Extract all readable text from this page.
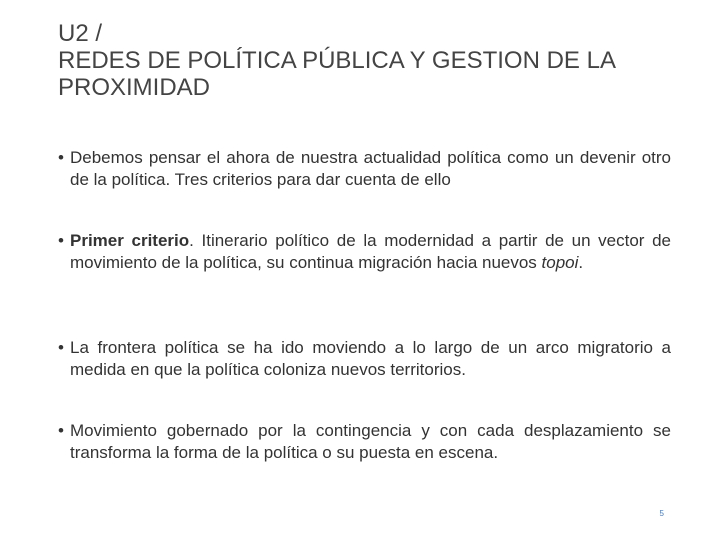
U2 /
REDES DE POLÍTICA PÚBLICA Y GESTION DE LA
PROXIMIDAD
• Debemos pensar el ahora de nuestra actualidad política como un devenir otro de la política. Tres criterios para dar cuenta de ello
• Primer criterio. Itinerario político de la modernidad a partir de un vector de movimiento de la política, su continua migración hacia nuevos topoi.
• La frontera política se ha ido moviendo a lo largo de un arco migratorio a medida en que la política coloniza nuevos territorios.
• Movimiento gobernado por la contingencia y con cada desplazamiento se transforma la forma de la política o su puesta en escena.
5
